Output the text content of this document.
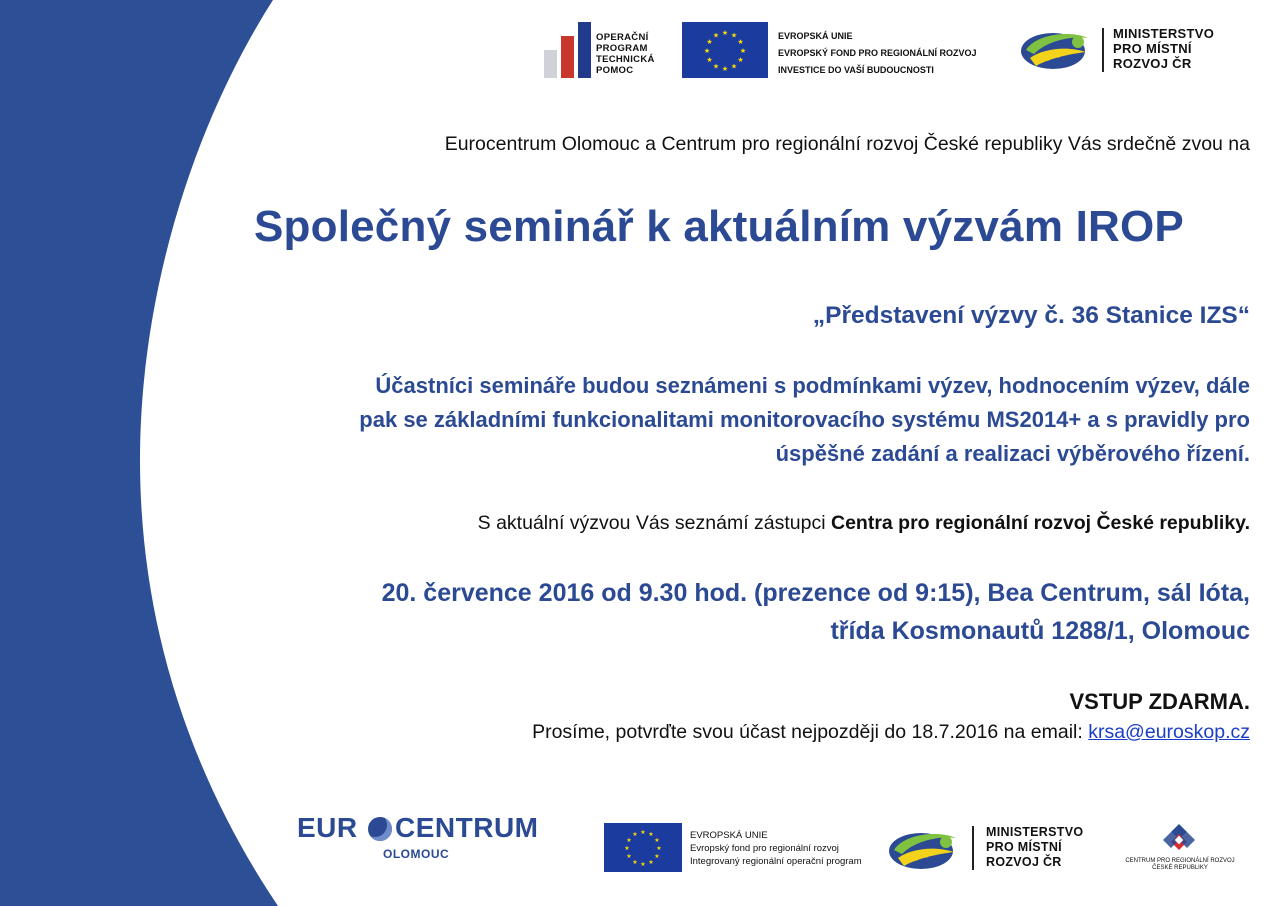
OPERAČNÍ
PROGRAM
TECHNICKÁ
POMOC
★ ★
★
★
★
★
★
★
★
★
★
★	EVROPSKÁ UNIE
EVROPSKÝ FOND PRO REGIONÁLNÍ ROZVOJ
INVESTICE DO VAŠÍ BUDOUCNOSTI
★
★ ★
MINISTERSTVO
PRO MÍSTNÍ
ROZVOJ ČR
Eurocentrum Olomouc a Centrum pro regionální rozvoj České republiky Vás srdečně zvou na
Společný seminář k aktuálním výzvám IROP
„Představení výzvy č. 36 Stanice IZS“
Účastníci semináře budou seznámeni s podmínkami výzev, hodnocením výzev, dále
pak se základními funkcionalitami monitorovacího systému MS2014+ a s pravidly pro
úspěšné zadání a realizaci výběrového řízení.
S aktuální výzvou Vás seznámí zástupci Centra pro regionální rozvoj České republiky.
20. července 2016 od 9.30 hod. (prezence od 9:15), Bea Centrum, sál Ióta,
třída Kosmonautů 1288/1, Olomouc
VSTUP ZDARMA.
Prosíme, potvrďte svou účast nejpozději do 18.7.2016 na email: krsa@euroskop.cz
EUR CENTRUM
OLOMOUC
★ ★
★
★
★
★
★
★
★
★
★
★	EVROPSKÁ UNIE
Evropský fond pro regionální rozvoj
Integrovaný regionální operační program
★
★ ★
MINISTERSTVO
PRO MÍSTNÍ
ROZVOJ ČR	CENTRUM PRO REGIONÁLNÍ ROZVOJ
ČESKÉ REPUBLIKY
